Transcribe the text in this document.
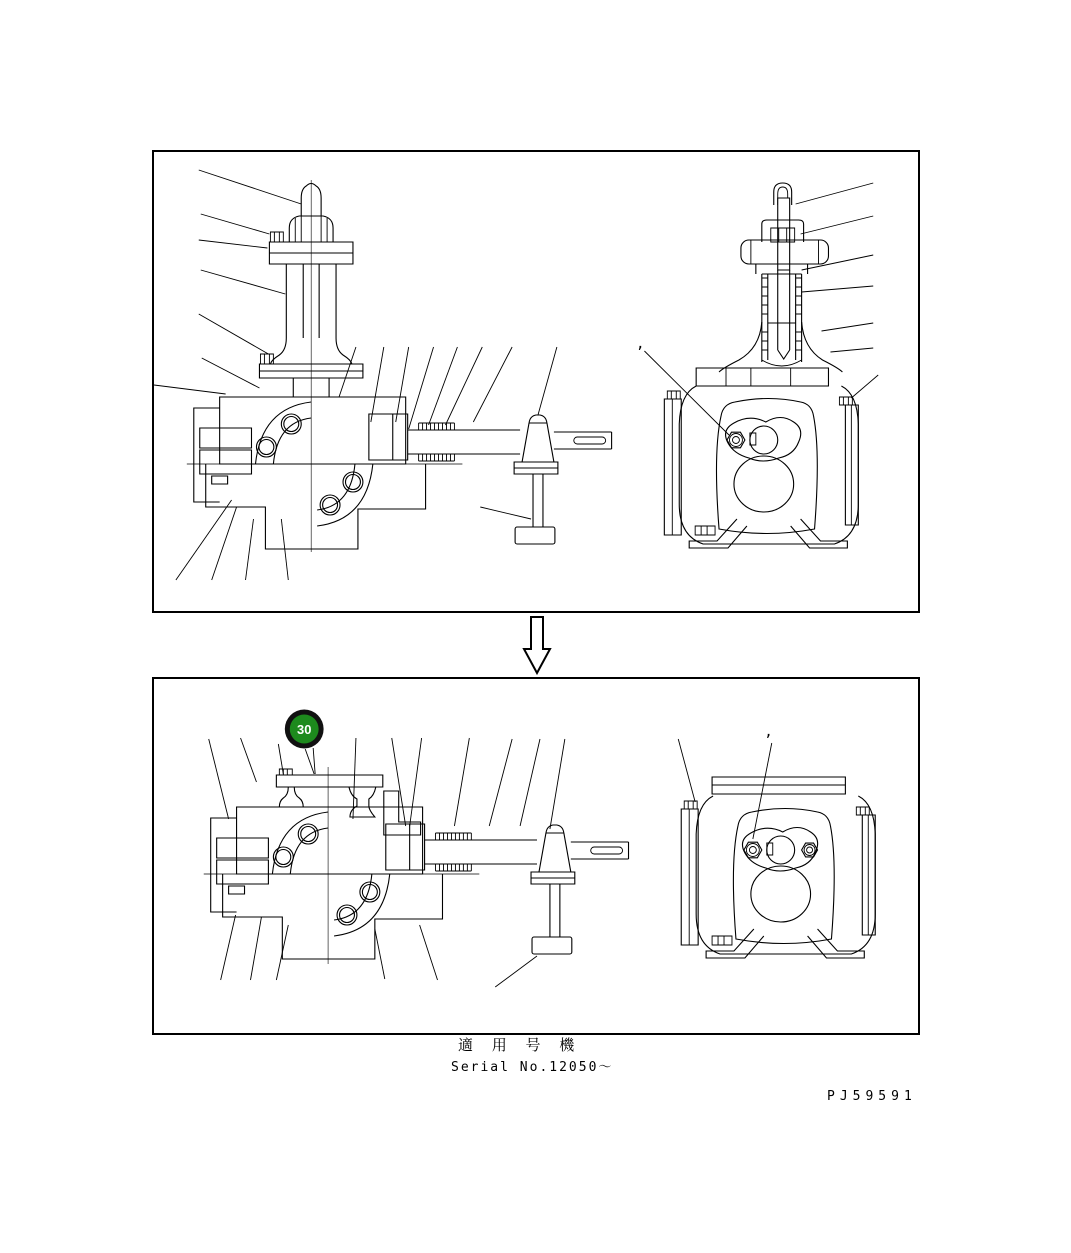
,
30	,
適 用 号 機
Serial No.12050～
PJ59591
